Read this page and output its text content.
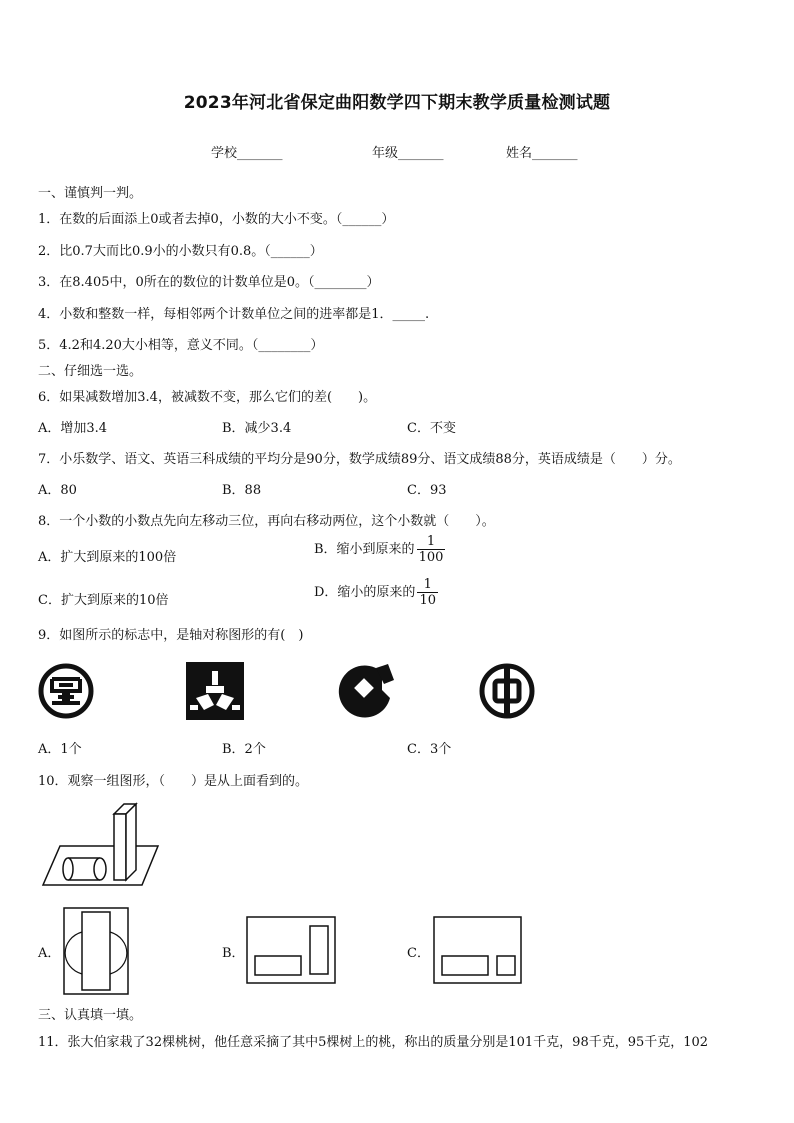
2023年河北省保定曲阳数学四下期末教学质量检测试题
学校_______	年级_______	姓名_______
一、谨慎判一判。
1．在数的后面添上0或者去掉0，小数的大小不变。（______）
2．比0.7大而比0.9小的小数只有0.8。（______）
3．在8.405中，0所在的数位的计数单位是0。（________）
4．小数和整数一样，每相邻两个计数单位之间的进率都是1．_____.
5．4.2和4.20大小相等，意义不同。（________）
二、仔细选一选。
6．如果减数增加3.4，被减数不变，那么它们的差(　　)。
A．增加3.4	B．减少3.4	C．不变
7．小乐数学、语文、英语三科成绩的平均分是90分，数学成绩89分、语文成绩88分，英语成绩是（　　）分。
A．80	B．88	C．93
8．一个小数的小数点先向左移动三位，再向右移动两位，这个小数就（　　）。
A．扩大到原来的100倍
B．缩小到原来的 $\frac{1}{100}$
C．扩大到原来的10倍
D．缩小的原来的 $\frac{1}{10}$
9．如图所示的标志中，是轴对称图形的有(　)
A．1个	B．2个	C．3个
10．观察一组图形，（　　）是从上面看到的。
A．	B．	C．
三、认真填一填。
11．张大伯家栽了32棵桃树，他任意采摘了其中5棵树上的桃，称出的质量分别是101千克，98千克，95千克，102
